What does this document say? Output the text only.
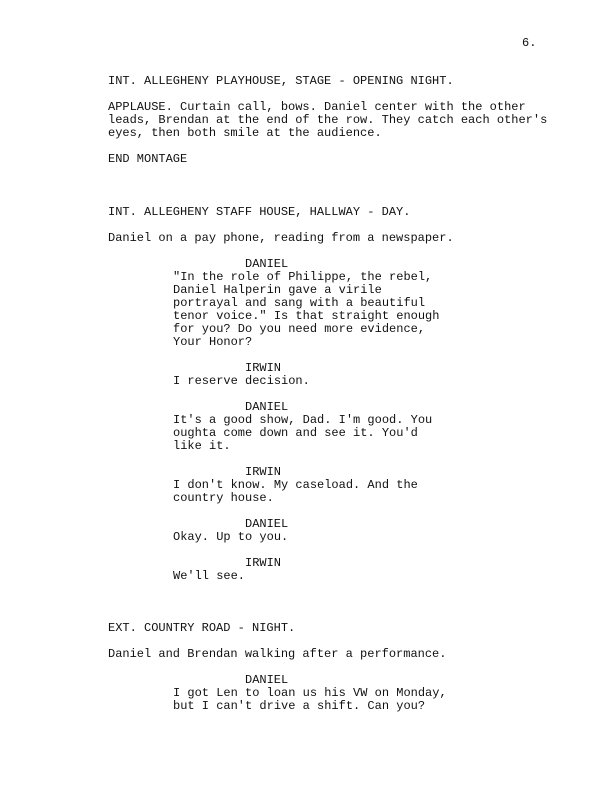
6.
INT. ALLEGHENY PLAYHOUSE, STAGE - OPENING NIGHT.
APPLAUSE. Curtain call, bows. Daniel center with the other
leads, Brendan at the end of the row. They catch each other's
eyes, then both smile at the audience.
END MONTAGE
INT. ALLEGHENY STAFF HOUSE, HALLWAY - DAY.
Daniel on a pay phone, reading from a newspaper.
DANIEL
"In the role of Philippe, the rebel,
Daniel Halperin gave a virile
portrayal and sang with a beautiful
tenor voice." Is that straight enough
for you? Do you need more evidence,
Your Honor?
IRWIN
I reserve decision.
DANIEL
It's a good show, Dad. I'm good. You
oughta come down and see it. You'd
like it.
IRWIN
I don't know. My caseload. And the
country house.
DANIEL
Okay. Up to you.
IRWIN
We'll see.
EXT. COUNTRY ROAD - NIGHT.
Daniel and Brendan walking after a performance.
DANIEL
I got Len to loan us his VW on Monday,
but I can't drive a shift. Can you?
